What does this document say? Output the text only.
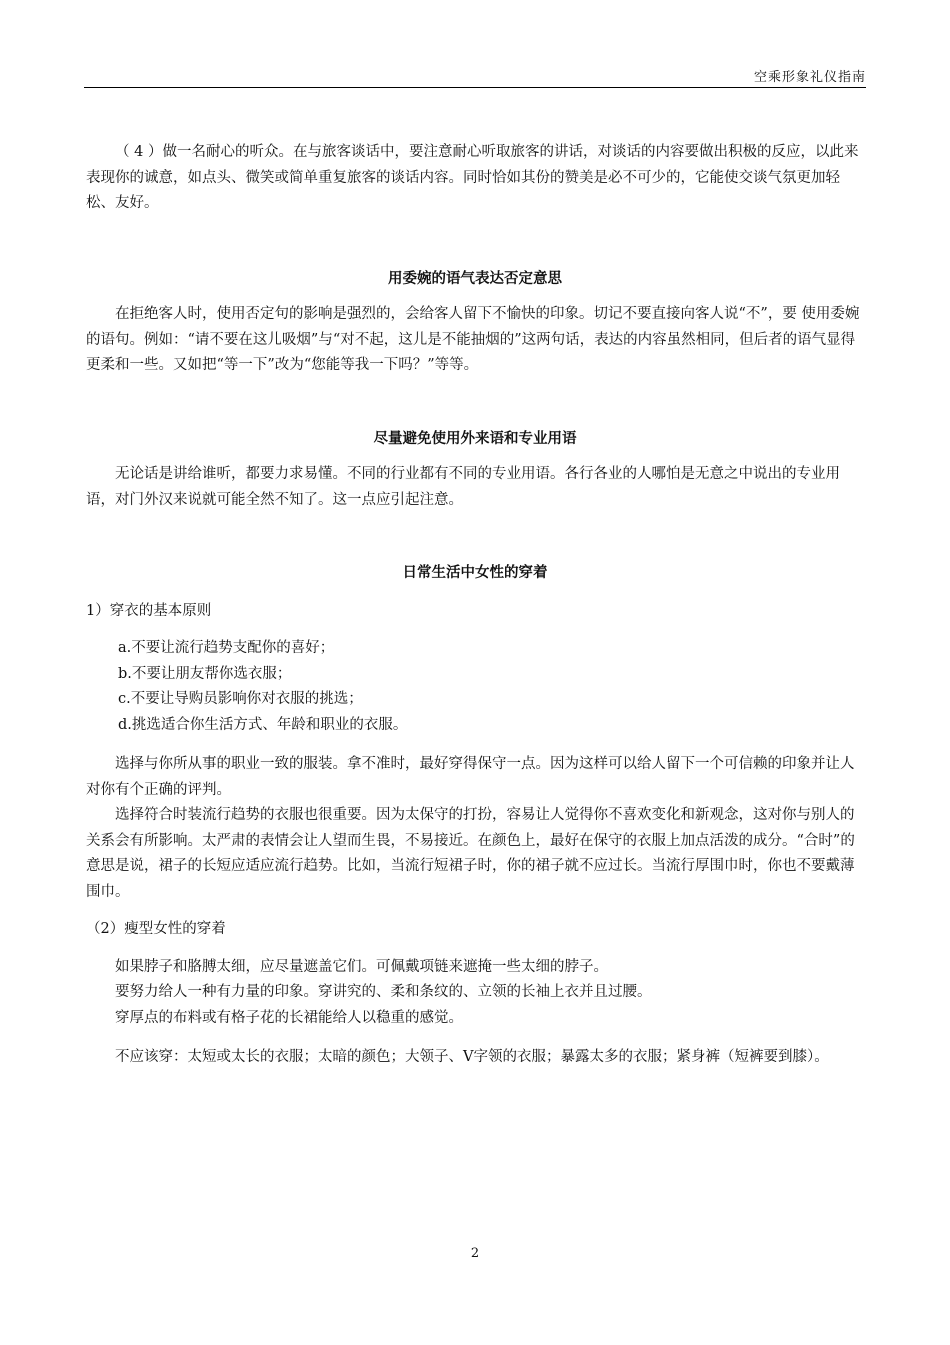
空乘形象礼仪指南

（ 4 ）做一名耐心的听众。在与旅客谈话中，要注意耐心听取旅客的讲话，对谈话的内容要做出积极的反应，以此来表现你的诚意，如点头、微笑或简单重复旅客的谈话内容。同时恰如其份的赞美是必不可少的，它能使交谈气氛更加轻松、友好。

用委婉的语气表达否定意思

在拒绝客人时，使用否定句的影响是强烈的，会给客人留下不愉快的印象。切记不要直接向客人说“不”，要 使用委婉的语句。例如：“请不要在这儿吸烟”与“对不起，这儿是不能抽烟的”这两句话，表达的内容虽然相同，但后者的语气显得更柔和一些。又如把“等一下”改为“您能等我一下吗？”等等。

尽量避免使用外来语和专业用语

无论话是讲给谁听，都要力求易懂。不同的行业都有不同的专业用语。各行各业的人哪怕是无意之中说出的专业用语，对门外汉来说就可能全然不知了。这一点应引起注意。

日常生活中女性的穿着

1）穿衣的基本原则

a.不要让流行趋势支配你的喜好；
b.不要让朋友帮你选衣服；
c.不要让导购员影响你对衣服的挑选；
d.挑选适合你生活方式、年龄和职业的衣服。

选择与你所从事的职业一致的服装。拿不准时，最好穿得保守一点。因为这样可以给人留下一个可信赖的印象并让人对你有个正确的评判。

选择符合时装流行趋势的衣服也很重要。因为太保守的打扮，容易让人觉得你不喜欢变化和新观念，这对你与别人的关系会有所影响。太严肃的表情会让人望而生畏，不易接近。在颜色上，最好在保守的衣服上加点活泼的成分。“合时”的意思是说，裙子的长短应适应流行趋势。比如，当流行短裙子时，你的裙子就不应过长。当流行厚围巾时，你也不要戴薄围巾。

（2）瘦型女性的穿着

如果脖子和胳膊太细，应尽量遮盖它们。可佩戴项链来遮掩一些太细的脖子。

要努力给人一种有力量的印象。穿讲究的、柔和条纹的、立领的长袖上衣并且过腰。

穿厚点的布料或有格子花的长裙能给人以稳重的感觉。

不应该穿：太短或太长的衣服；太暗的颜色；大领子、V字领的衣服；暴露太多的衣服；紧身裤（短裤要到膝）。

2
